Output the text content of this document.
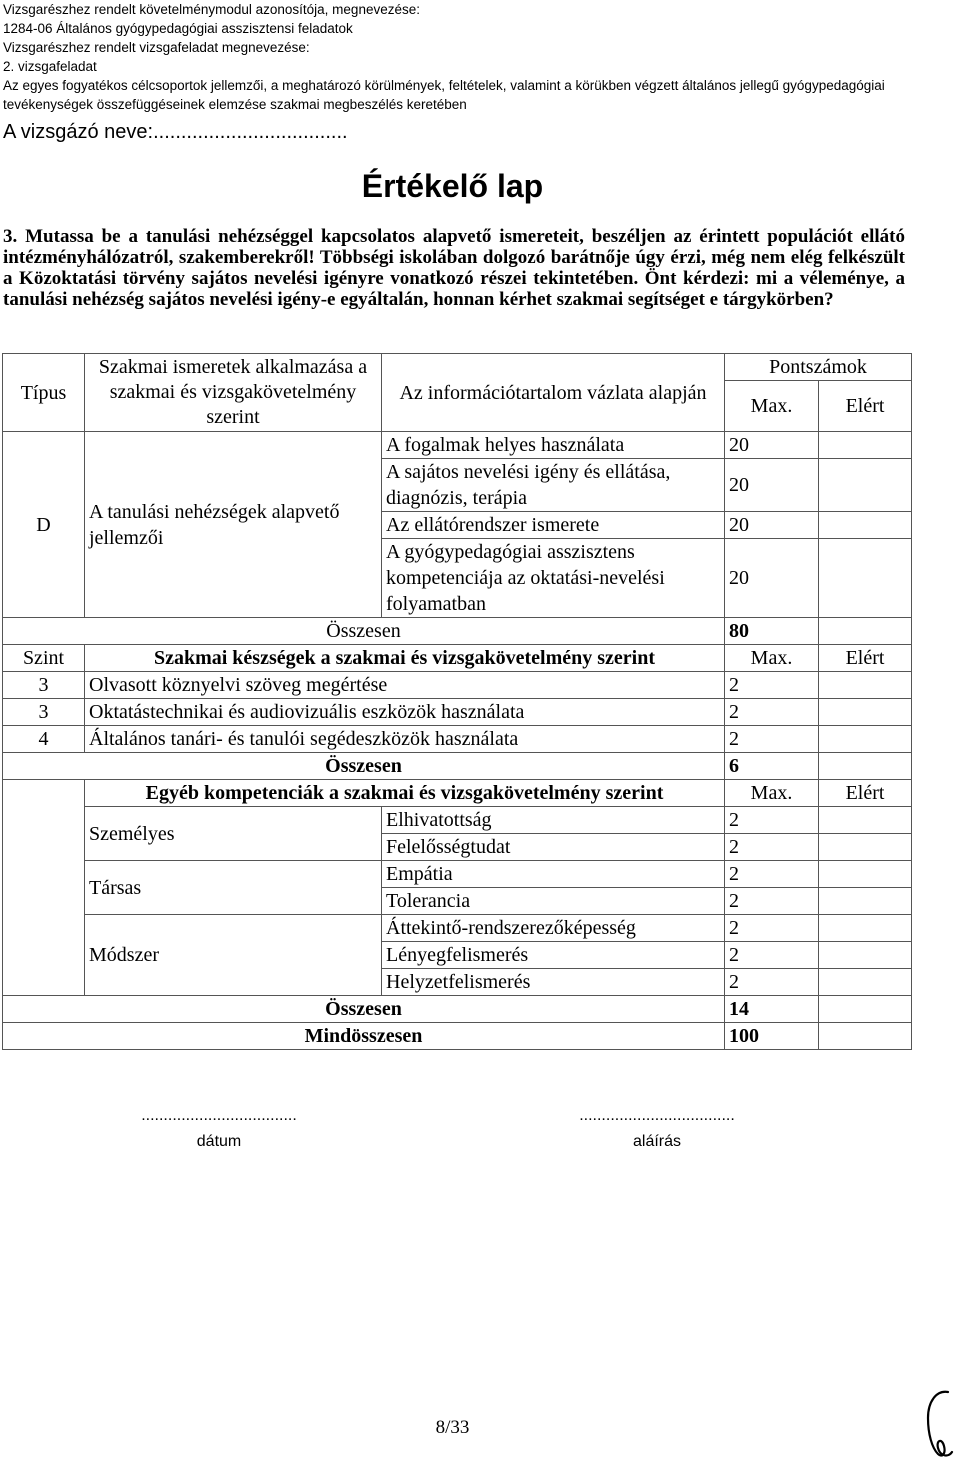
Vizsgarészhez rendelt követelménymodul azonosítója, megnevezése:
1284-06 Általános gyógypedagógiai asszisztensi feladatok
Vizsgarészhez rendelt vizsgafeladat megnevezése:
2. vizsgafeladat
Az egyes fogyatékos célcsoportok jellemzői, a meghatározó körülmények, feltételek, valamint a körükben végzett általános jellegű gyógypedagógiai tevékenységek összefüggéseinek elemzése szakmai megbeszélés keretében
A vizsgázó neve:...................................
Értékelő lap
3. Mutassa be a tanulási nehézséggel kapcsolatos alapvető ismereteit, beszéljen az érintett populációt ellátó intézményhálózatról, szakemberekről! Többségi iskolában dolgozó barátnője úgy érzi, még nem elég felkészült a Közoktatási törvény sajátos nevelési igényre vonatkozó részei tekintetében. Önt kérdezi: mi a véleménye, a tanulási nehézség sajátos nevelési igény-e egyáltalán, honnan kérhet szakmai segítséget e tárgykörben?
Típus	Szakmai ismeretek alkalmazása a szakmai és vizsgakövetelmény szerint	Az információtartalom vázlata alapján	Pontszámok	
			Max.	Elért
D	A tanulási nehézségek alapvető jellemzői	A fogalmak helyes használata	20	
		A sajátos nevelési igény és ellátása, diagnózis, terápia	20	
		Az ellátórendszer ismerete	20	
		A gyógypedagógiai asszisztens kompetenciája az oktatási-nevelési folyamatban	20	
Összesen			80	
Szint	Szakmai készségek a szakmai és vizsgakövetelmény szerint		Max.	Elért
3	Olvasott köznyelvi szöveg megértése		2	
3	Oktatástechnikai és audiovizuális eszközök használata		2	
4	Általános tanári- és tanulói segédeszközök használata		2	
Összesen			6	
	Egyéb kompetenciák a szakmai és vizsgakövetelmény szerint		Max.	Elért
	Személyes	Elhivatottság	2	
		Felelősségtudat	2	
	Társas	Empátia	2	
		Tolerancia	2	
	Módszer	Áttekintő-rendszerezőképesség	2	
		Lényegfelismerés	2	
		Helyzetfelismerés	2	
Összesen			14	
Mindösszesen			100	
...................................
dátum
...................................
aláírás
8/33
